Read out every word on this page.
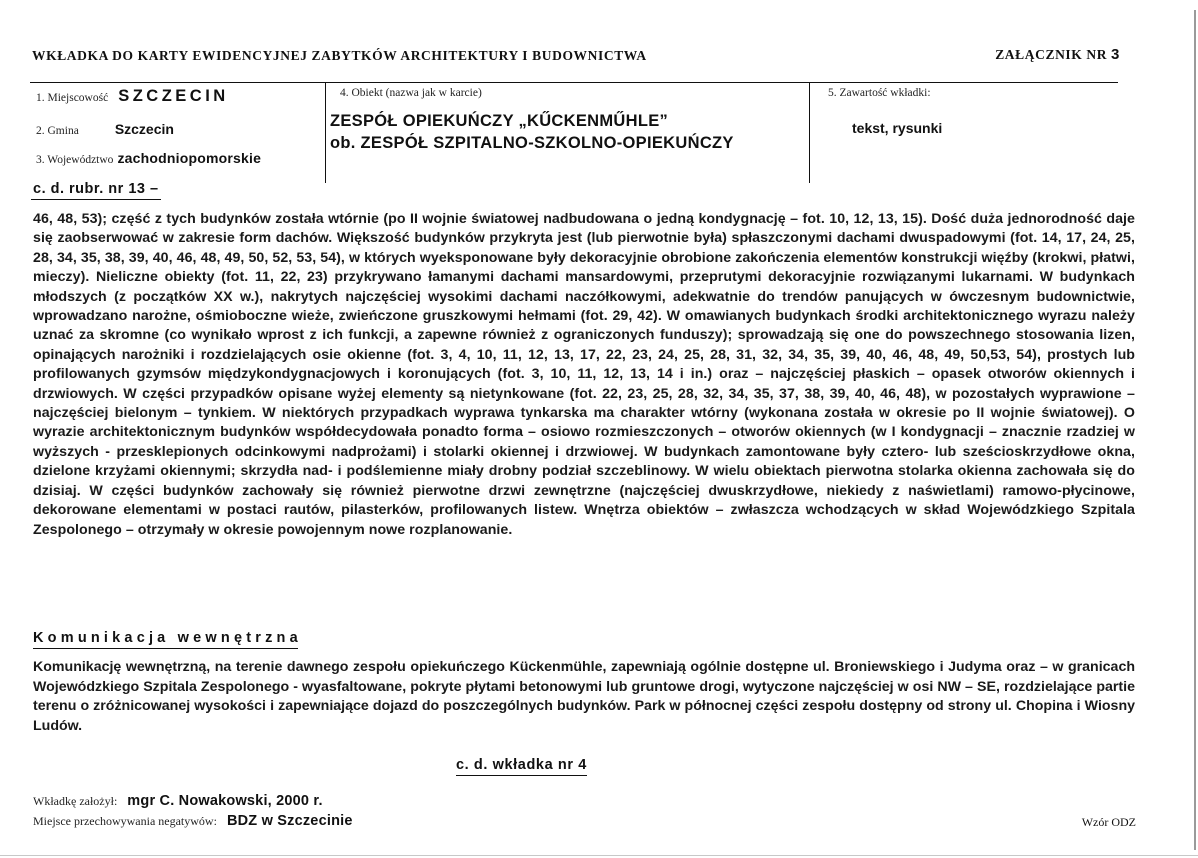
WKŁADKA DO KARTY EWIDENCYJNEJ ZABYTKÓW ARCHITEKTURY I BUDOWNICTWA	ZAŁĄCZNIK NR 3
1. Miejscowość SZCZECIN
2. Gmina	Szczecin
3. Województwo zachodniopomorskie
4. Obiekt (nazwa jak w karcie)
ZESPÓŁ OPIEKUŃCZY „KŰCKENMŰHLE”
ob. ZESPÓŁ SZPITALNO-SZKOLNO-OPIEKUŃCZY
5. Zawartość wkładki:
tekst, rysunki
c. d. rubr. nr 13 –
46, 48, 53); część z tych budynków została wtórnie (po II wojnie światowej nadbudowana o jedną kondygnację – fot. 10, 12, 13, 15). Dość duża jednorodność daje się zaobserwować w zakresie form dachów. Większość budynków przykryta jest (lub pierwotnie była) spłaszczonymi dachami dwuspadowymi (fot. 14, 17, 24, 25, 28, 34, 35, 38, 39, 40, 46, 48, 49, 50, 52, 53, 54), w których wyeksponowane były dekoracyjnie obrobione zakończenia elementów konstrukcji więźby (krokwi, płatwi, mieczy). Nieliczne obiekty (fot. 11, 22, 23) przykrywano łamanymi dachami mansardowymi, przeprutymi dekoracyjnie rozwiązanymi lukarnami. W budynkach młodszych (z początków XX w.), nakrytych najczęściej wysokimi dachami naczółkowymi, adekwatnie do trendów panujących w ówczesnym budownictwie, wprowadzano narożne, ośmioboczne wieże, zwieńczone gruszkowymi hełmami (fot. 29, 42). W omawianych budynkach środki architektonicznego wyrazu należy uznać za skromne (co wynikało wprost z ich funkcji, a zapewne również z ograniczonych funduszy); sprowadzają się one do powszechnego stosowania lizen, opinających narożniki i rozdzielających osie okienne (fot. 3, 4, 10, 11, 12, 13, 17, 22, 23, 24, 25, 28, 31, 32, 34, 35, 39, 40, 46, 48, 49, 50,53, 54), prostych lub profilowanych gzymsów międzykondygnacjowych i koronujących (fot. 3, 10, 11, 12, 13, 14 i in.) oraz – najczęściej płaskich – opasek otworów okiennych i drzwiowych. W części przypadków opisane wyżej elementy są nietynkowane (fot. 22, 23, 25, 28, 32, 34, 35, 37, 38, 39, 40, 46, 48), w pozostałych wyprawione – najczęściej bielonym – tynkiem. W niektórych przypadkach wyprawa tynkarska ma charakter wtórny (wykonana została w okresie po II wojnie światowej). O wyrazie architektonicznym budynków współdecydowała ponadto forma – osiowo rozmieszczonych – otworów okiennych (w I kondygnacji – znacznie rzadziej w wyższych - przesklepionych odcinkowymi nadprożami) i stolarki okiennej i drzwiowej. W budynkach zamontowane były cztero- lub sześcioskrzydłowe okna, dzielone krzyżami okiennymi; skrzydła nad- i podślemienne miały drobny podział szczeblinowy. W wielu obiektach pierwotna stolarka okienna zachowała się do dzisiaj. W części budynków zachowały się również pierwotne drzwi zewnętrzne (najczęściej dwuskrzydłowe, niekiedy z naświetlami) ramowo-płycinowe, dekorowane elementami w postaci rautów, pilasterków, profilowanych listew. Wnętrza obiektów – zwłaszcza wchodzących w skład Wojewódzkiego Szpitala Zespolonego – otrzymały w okresie powojennym nowe rozplanowanie.
Komunikacja wewnętrzna
Komunikację wewnętrzną, na terenie dawnego zespołu opiekuńczego Kückenmühle, zapewniają ogólnie dostępne ul. Broniewskiego i Judyma oraz – w granicach Wojewódzkiego Szpitala Zespolonego - wyasfaltowane, pokryte płytami betonowymi lub gruntowe drogi, wytyczone najczęściej w osi NW – SE, rozdzielające partie terenu o zróżnicowanej wysokości i zapewniające dojazd do poszczególnych budynków. Park w północnej części zespołu dostępny od strony ul. Chopina i Wiosny Ludów.
c. d. wkładka nr 4
Wkładkę założył: mgr C. Nowakowski, 2000 r.
Miejsce przechowywania negatywów: BDZ w Szczecinie	Wzór ODZ
